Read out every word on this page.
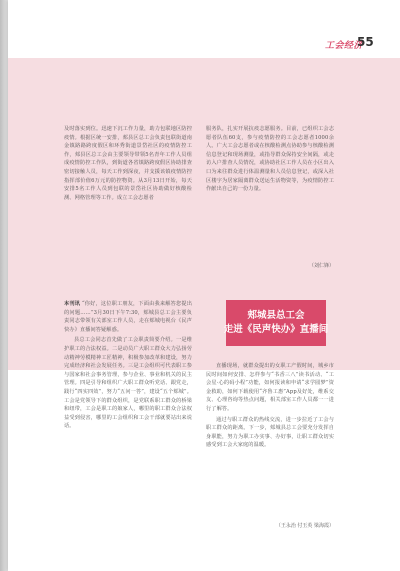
工会经济
55

及时落实到位。迅速下沉工作力量，助力包联地区防控疫情。根据区统一安排，郏县区总工会负责包联街道南金镇路路跨度假区和环秀街道景岱社区的疫情防控工作，郏县区总工会由主要领导带领5名青年工作人员组成疫情防控工作队，到街道各省镇路跨度假区协助排查密切接触人员，每天工作到深夜，并支援该镇疫情防控指挥部价值6万元的防控物资。从3月13日开始，每天安排5名工作人员到包联的景岱社区协助做好核酸检测、网格管理等工作。成立工会志愿者

服务队，扎实开展抗疫志愿服务。目前，已组织工会志愿者队伍60支，参与疫情防控的工会志愿者1000余人。广大工会志愿者或在核酸检测点协助参与核酸检测信息登记和现场测量，或指导群众保持安全间隔，或走访入户排查人员情况，或协助社区工作人员在小区出入口为来往群众进行体温测量和人员信息登记，或深入社区楼宇为居家隔离群众送运生活物资等，为疫情防控工作献出自己的一份力量。

（刘仁锋）

本刊讯 “你好，这位职工朋友，下面由我来解答您提出的问题……”3月30日下午7:30，郏城县总工会主要负责同志带领有关部室工作人员，走在郏城电视台《民声快办》直播间答疑解惑。

县总工会同志首先做了工会职责简要介绍。一是维护职工的合法权益。二是动员广大职工群众大力弘扬劳动精神劳模精神工匠精神，积极参加改革和建设，努力完成经济和社会发展任务。三是工会组织可代表职工参与国家和社会事务管理，参与企业、事业和机关的民主管理。四是引导和组织广大职工群众听党话、跟党走，践行“四实四效”，努力“五问一答”，建设“五个郏城”。工会是党领导下的群众组织，是党联系职工群众的桥梁和纽带，工会是职工的娘家人，哪里的职工群众合法权益受到侵害，哪里的工会组织和工会干部就要站出来说话。

郏城县总工会
走进《民声快办》直播间

直播现场，就群众提出的女职工产假时间，城乡市民时间如何安排、怎样参与“书香三八”读书活动、“工会星·心的码小程”功能，如何报读和申请“求学圆梦”资金救助，如何下载使用“齐鲁工惠”App及好处，维系交友、心理咨询等热点问题，相关部室工作人员都一一进行了解答。

通过与职工群众的热线交流，进一步拉近了工会与职工群众的距离。下一步，郏城县总工会要充分发挥自身职能，努力为职工办实事、办好事，让职工群众切实感受到工会大家庭的温暖。

（王永治 付玉英 梁海霞）
